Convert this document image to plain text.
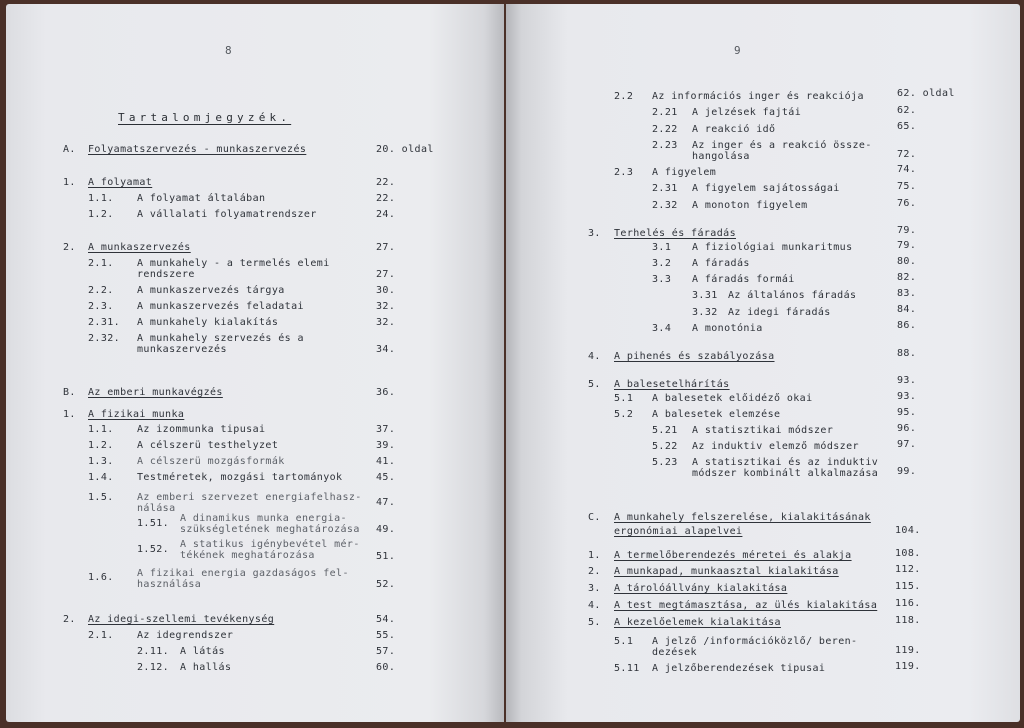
8
Tartalomjegyzék.
A. Folyamatszervezés - munkaszervezés	20. oldal
1. A folyamat	22.
1.1. A folyamat általában	22.
1.2. A vállalati folyamatrendszer	24.
2. A munkaszervezés	27.
2.1. A munkahely - a termelés elemi
rendszere	27.
2.2. A munkaszervezés tárgya	30.
2.3. A munkaszervezés feladatai	32.
2.31. A munkahely kialakítás	32.
2.32. A munkahely szervezés és a
munkaszervezés	34.
B. Az emberi munkavégzés	36.
1. A fizikai munka
1.1. Az izommunka tipusai	37.
1.2. A célszerü testhelyzet	39.
1.3. A célszerü mozgásformák	41.
1.4. Testméretek, mozgási tartományok	45.
1.5. Az emberi szervezet energiafelhasz-
nálása
47.
1.51. A dinamikus munka energia-
szükségletének meghatározása 49.
1.52. A statikus igénybevétel mér-
tékének meghatározása	51.
1.6. A fizikai energia gazdaságos fel-
használása	52.
2. Az idegi-szellemi tevékenység	54.
2.1. Az idegrendszer	55.
2.11. A látás	57.
2.12. A hallás	60.
9
2.2 Az információs inger és reakciója	62. oldal
2.21 A jelzések fajtái	62.
2.22 A reakció idő	65.
2.23 Az inger és a reakció össze-
hangolása	72.
2.3 A figyelem	74.
2.31 A figyelem sajátosságai	75.
2.32 A monoton figyelem	76.
3. Terhelés és fáradás	79.
3.1 A fiziológiai munkaritmus	79.
3.2 A fáradás	80.
3.3 A fáradás formái	82.
3.31 Az általános fáradás	83.
3.32 Az idegi fáradás	84.
3.4 A monotónia	86.
4. A pihenés és szabályozása	88.
5. A balesetelhárítás	93.
5.1 A balesetek előidéző okai	93.
5.2 A balesetek elemzése	95.
5.21 A statisztikai módszer	96.
5.22 Az induktiv elemző módszer	97.
5.23 A statisztikai és az induktiv
módszer kombinált alkalmazása 99.
C. A munkahely felszerelése, kialakitásának
ergonómiai alapelvei	104.
1. A termelőberendezés méretei és alakja	108.
2. A munkapad, munkaasztal kialakitása	112.
3. A tárolóállvány kialakitása	115.
4. A test megtámasztása, az ülés kialakitása 116.
5. A kezelőelemek kialakitása	118.
5.1 A jelző /információközlő/ beren-
dezések	119.
5.11 A jelzőberendezések tipusai	119.
